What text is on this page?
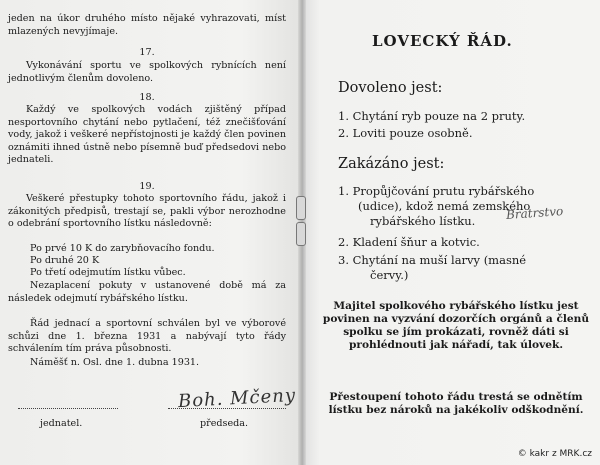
jeden na úkor druhého místo nějaké vyhrazovati, míst mlazených nevyjímaje.
17.
Vykonávání sportu ve spolkových rybnících není jednotlivým členům dovoleno.
18.
Každý ve spolkových vodách zjištěný případ nesportovního chytání nebo pytlačení, též znečišťování vody, jakož i veškeré nepřístojnosti je každý člen povinen oznámiti ihned ústně nebo písemně buď předsedovi nebo jednateli.
19.
Veškeré přestupky tohoto sportovního řádu, jakož i zákonitých předpisů, trestají se, pakli výbor nerozhodne o odebrání sportovního lístku následovně:
Po prvé 10 K do zarybňovacího fondu.
Po druhé 20 K
Po třetí odejmutím lístku vůbec.
Nezaplacení pokuty v ustanovené době má za následek odejmutí rybářského lístku.
Řád jednací a sportovní schválen byl ve výborové schůzi dne 1. března 1931 a nabývají tyto řády schválením tím práva působnosti.
Náměšť n. Osl. dne 1. dubna 1931.
Boh. Mčeny
jednatel.	předseda.
LOVECKÝ ŘÁD.
Dovoleno jest:
1. Chytání ryb pouze na 2 pruty.
2. Loviti pouze osobně.
Zakázáno jest:
1. Propůjčování prutu rybářského
(udice), kdož nemá zemského
rybářského lístku.	Bratrstvo
2. Kladení šňur a kotvic.
3. Chytání na muší larvy (masné
červy.)
Majitel spolkového rybářského lístku jest povinen na vyzvání dozorčích orgánů a členů spolku se jím prokázati, rovněž dáti si prohlédnouti jak nářadí, tak úlovek.
Přestoupení tohoto řádu trestá se odnětím lístku bez nároků na jakékoliv odškodnění.
© kakr z MRK.cz
